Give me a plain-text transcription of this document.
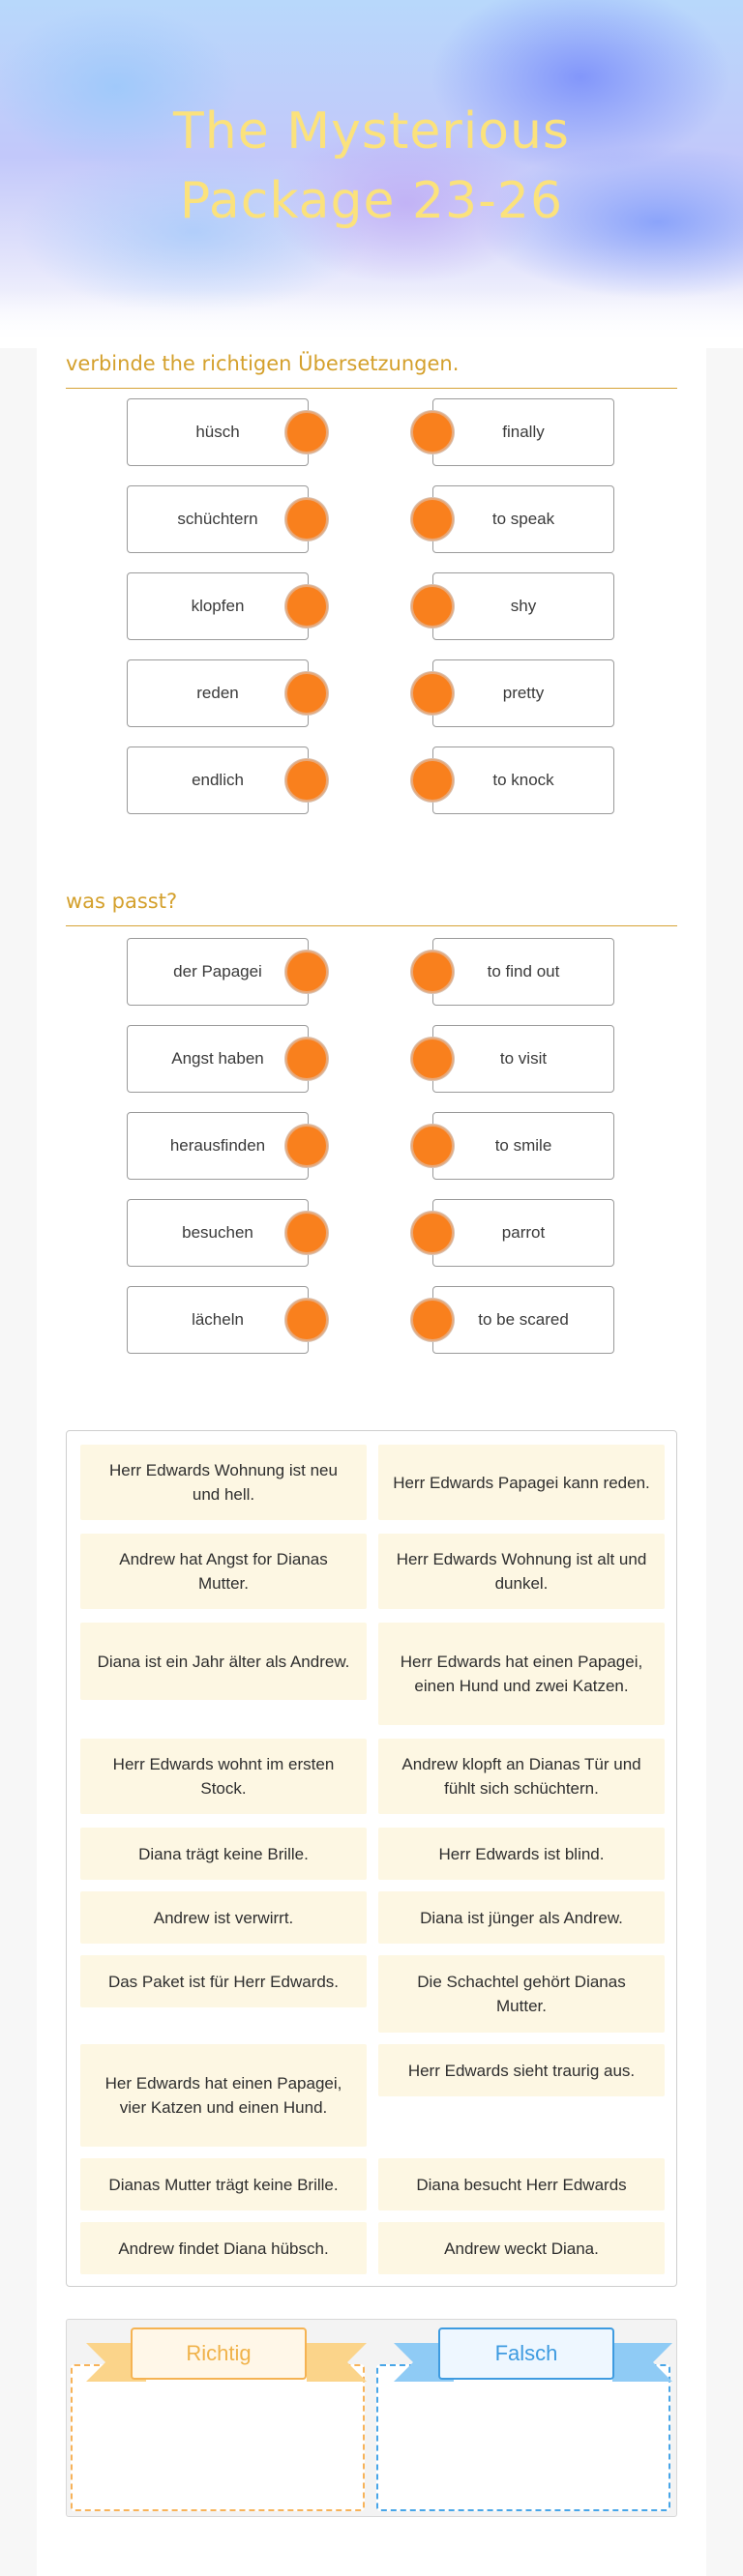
The Mysterious Package 23-26
verbinde the richtigen Übersetzungen.
hüsch	finally
schüchtern	to speak
klopfen	shy
reden	pretty
endlich	to knock
was passt?
der Papagei	to find out
Angst haben	to visit
herausfinden	to smile
besuchen	parrot
lächeln	to be scared
Herr Edwards Wohnung ist neu und hell.
Herr Edwards Papagei kann reden.
Andrew hat Angst for Dianas Mutter.
Herr Edwards Wohnung ist alt und dunkel.
Diana ist ein Jahr älter als Andrew.	Herr Edwards hat einen Papagei, einen Hund und zwei Katzen.
Herr Edwards wohnt im ersten Stock.
Andrew klopft an Dianas Tür und fühlt sich schüchtern.
Diana trägt keine Brille.	Herr Edwards ist blind.
Andrew ist verwirrt.	Diana ist jünger als Andrew.
Das Paket ist für Herr Edwards.	Die Schachtel gehört Dianas Mutter.
Her Edwards hat einen Papagei, vier Katzen und einen Hund.
Herr Edwards sieht traurig aus.
Dianas Mutter trägt keine Brille.	Diana besucht Herr Edwards
Andrew findet Diana hübsch.	Andrew weckt Diana.
Richtig	Falsch
